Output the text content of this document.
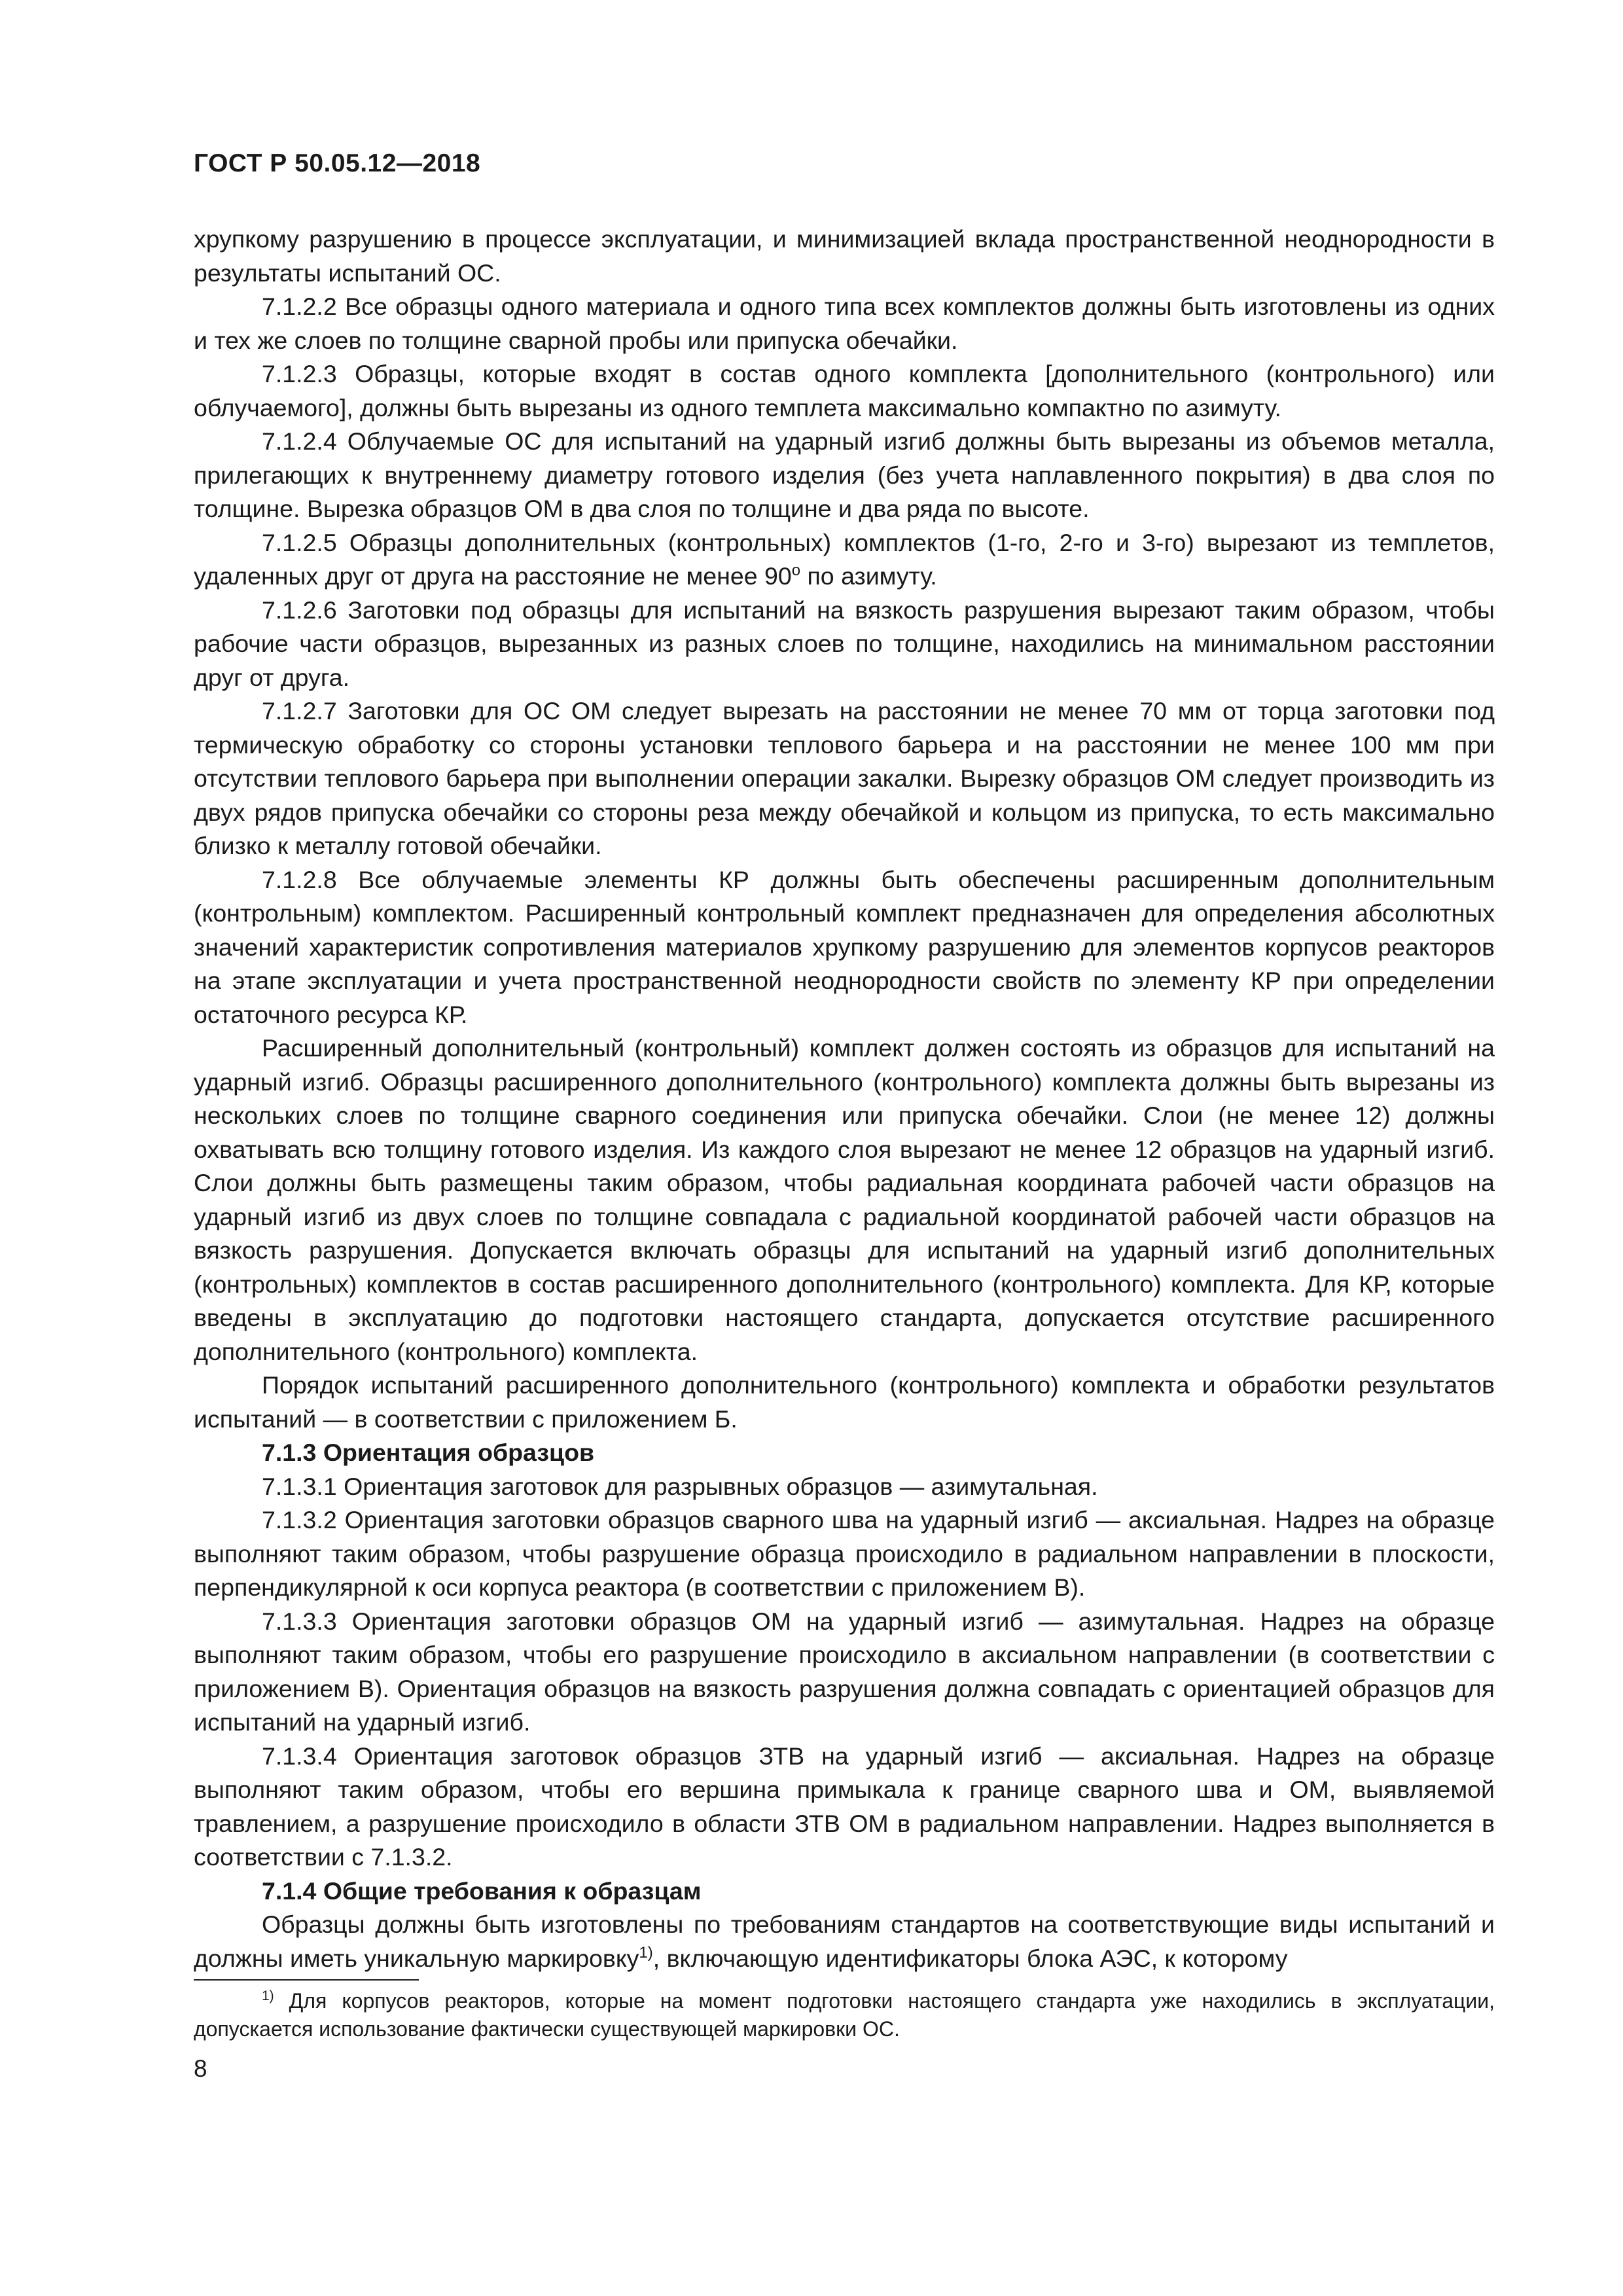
ГОСТ Р 50.05.12—2018

хрупкому разрушению в процессе эксплуатации, и минимизацией вклада пространственной неоднородности в результаты испытаний ОС.

7.1.2.2 Все образцы одного материала и одного типа всех комплектов должны быть изготовлены из одних и тех же слоев по толщине сварной пробы или припуска обечайки.

7.1.2.3 Образцы, которые входят в состав одного комплекта [дополнительного (контрольного) или облучаемого], должны быть вырезаны из одного темплета максимально компактно по азимуту.

7.1.2.4 Облучаемые ОС для испытаний на ударный изгиб должны быть вырезаны из объемов металла, прилегающих к внутреннему диаметру готового изделия (без учета наплавленного покрытия) в два слоя по толщине. Вырезка образцов ОМ в два слоя по толщине и два ряда по высоте.

7.1.2.5 Образцы дополнительных (контрольных) комплектов (1-го, 2-го и 3-го) вырезают из темплетов, удаленных друг от друга на расстояние не менее $90^о$ по азимуту.

7.1.2.6 Заготовки под образцы для испытаний на вязкость разрушения вырезают таким образом, чтобы рабочие части образцов, вырезанных из разных слоев по толщине, находились на минимальном расстоянии друг от друга.

7.1.2.7 Заготовки для ОС ОМ следует вырезать на расстоянии не менее 70 мм от торца заготовки под термическую обработку со стороны установки теплового барьера и на расстоянии не менее 100 мм при отсутствии теплового барьера при выполнении операции закалки. Вырезку образцов ОМ следует производить из двух рядов припуска обечайки со стороны реза между обечайкой и кольцом из припуска, то есть максимально близко к металлу готовой обечайки.

7.1.2.8 Все облучаемые элементы КР должны быть обеспечены расширенным дополнительным (контрольным) комплектом. Расширенный контрольный комплект предназначен для определения абсолютных значений характеристик сопротивления материалов хрупкому разрушению для элементов корпусов реакторов на этапе эксплуатации и учета пространственной неоднородности свойств по элементу КР при определении остаточного ресурса КР.

Расширенный дополнительный (контрольный) комплект должен состоять из образцов для испытаний на ударный изгиб. Образцы расширенного дополнительного (контрольного) комплекта должны быть вырезаны из нескольких слоев по толщине сварного соединения или припуска обечайки. Слои (не менее 12) должны охватывать всю толщину готового изделия. Из каждого слоя вырезают не менее 12 образцов на ударный изгиб. Слои должны быть размещены таким образом, чтобы радиальная координата рабочей части образцов на ударный изгиб из двух слоев по толщине совпадала с радиальной координатой рабочей части образцов на вязкость разрушения. Допускается включать образцы для испытаний на ударный изгиб дополнительных (контрольных) комплектов в состав расширенного дополнительного (контрольного) комплекта. Для КР, которые введены в эксплуатацию до подготовки настоящего стандарта, допускается отсутствие расширенного дополнительного (контрольного) комплекта.

Порядок испытаний расширенного дополнительного (контрольного) комплекта и обработки результатов испытаний — в соответствии с приложением Б.

7.1.3 Ориентация образцов

7.1.3.1 Ориентация заготовок для разрывных образцов — азимутальная.

7.1.3.2 Ориентация заготовки образцов сварного шва на ударный изгиб — аксиальная. Надрез на образце выполняют таким образом, чтобы разрушение образца происходило в радиальном направлении в плоскости, перпендикулярной к оси корпуса реактора (в соответствии с приложением В).

7.1.3.3 Ориентация заготовки образцов ОМ на ударный изгиб — азимутальная. Надрез на образце выполняют таким образом, чтобы его разрушение происходило в аксиальном направлении (в соответствии с приложением В). Ориентация образцов на вязкость разрушения должна совпадать с ориентацией образцов для испытаний на ударный изгиб.

7.1.3.4 Ориентация заготовок образцов ЗТВ на ударный изгиб — аксиальная. Надрез на образце выполняют таким образом, чтобы его вершина примыкала к границе сварного шва и ОМ, выявляемой травлением, а разрушение происходило в области ЗТВ ОМ в радиальном направлении. Надрез выполняется в соответствии с 7.1.3.2.

7.1.4 Общие требования к образцам

Образцы должны быть изготовлены по требованиям стандартов на соответствующие виды испытаний и должны иметь уникальную маркировку$^{1)}$, включающую идентификаторы блока АЭС, к которому

$^{1)}$ Для корпусов реакторов, которые на момент подготовки настоящего стандарта уже находились в эксплуатации, допускается использование фактически существующей маркировки ОС.
8
